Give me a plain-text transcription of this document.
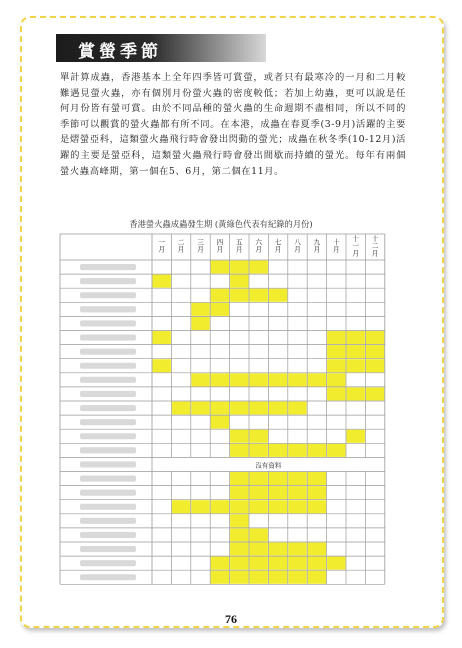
賞螢季節
單計算成蟲，香港基本上全年四季皆可賞螢，或者只有最寒冷的一月和二月較難遇見螢火蟲，亦有個別月份螢火蟲的密度較低；若加上幼蟲，更可以說是任何月份皆有螢可賞。由於不同品種的螢火蟲的生命週期不盡相同，所以不同的季節可以觀賞的螢火蟲都有所不同。在本港，成蟲在春夏季(3-9月)活躍的主要是熠螢亞科，這類螢火蟲飛行時會發出閃動的螢光；成蟲在秋冬季(10-12月)活躍的主要是螢亞科，這類螢火蟲飛行時會發出間歇而持續的螢光。每年有兩個螢火蟲高峰期，第一個在5、6月，第二個在11月。
香港螢火蟲成蟲發生期 (黃綠色代表有紀錄的月份)
沒有資料
一月
二月
三月
四月
五月
六月
七月
八月
九月
十月
十一月
十二月
76
